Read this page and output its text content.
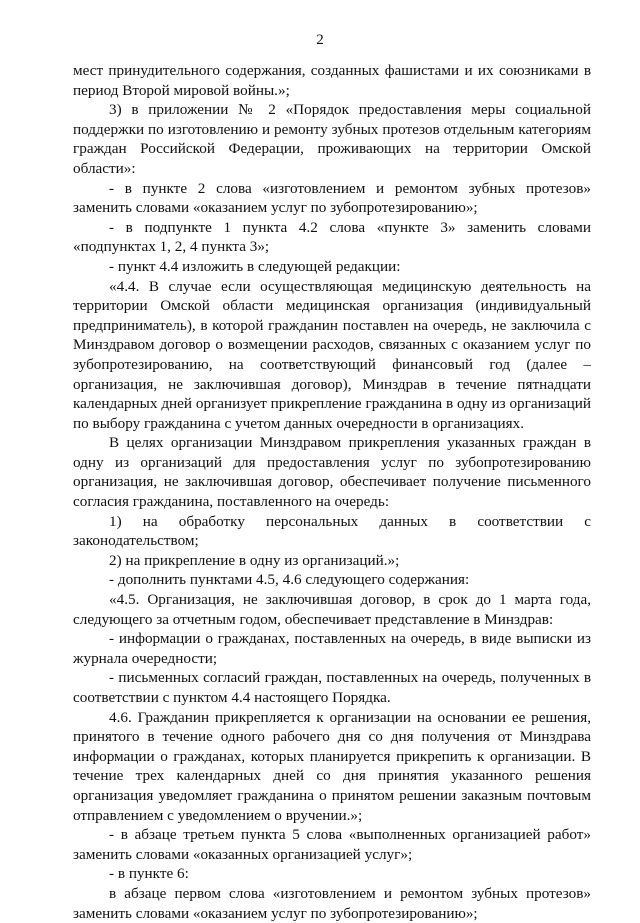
2

мест принудительного содержания, созданных фашистами и их союзниками в период Второй мировой войны.»;

3) в приложении № 2 «Порядок предоставления меры социальной поддержки по изготовлению и ремонту зубных протезов отдельным категориям граждан Российской Федерации, проживающих на территории Омской области»:

- в пункте 2 слова «изготовлением и ремонтом зубных протезов» заменить словами «оказанием услуг по зубопротезированию»;

- в подпункте 1 пункта 4.2 слова «пункте 3» заменить словами «подпунктах 1, 2, 4 пункта 3»;

- пункт 4.4 изложить в следующей редакции:

«4.4. В случае если осуществляющая медицинскую деятельность на территории Омской области медицинская организация (индивидуальный предприниматель), в которой гражданин поставлен на очередь, не заключила с Минздравом договор о возмещении расходов, связанных с оказанием услуг по зубопротезированию, на соответствующий финансовый год (далее – организация, не заключившая договор), Минздрав в течение пятнадцати календарных дней организует прикрепление гражданина в одну из организаций по выбору гражданина с учетом данных очередности в организациях.

В целях организации Минздравом прикрепления указанных граждан в одну из организаций для предоставления услуг по зубопротезированию организация, не заключившая договор, обеспечивает получение письменного согласия гражданина, поставленного на очередь:

1) на обработку персональных данных в соответствии с законодательством;

2) на прикрепление в одну из организаций.»;

- дополнить пунктами 4.5, 4.6 следующего содержания:

«4.5. Организация, не заключившая договор, в срок до 1 марта года, следующего за отчетным годом, обеспечивает представление в Минздрав:

- информации о гражданах, поставленных на очередь, в виде выписки из журнала очередности;

- письменных согласий граждан, поставленных на очередь, полученных в соответствии с пунктом 4.4 настоящего Порядка.

4.6. Гражданин прикрепляется к организации на основании ее решения, принятого в течение одного рабочего дня со дня получения от Минздрава информации о гражданах, которых планируется прикрепить к организации. В течение трех календарных дней со дня принятия указанного решения организация уведомляет гражданина о принятом решении заказным почтовым отправлением с уведомлением о вручении.»;

- в абзаце третьем пункта 5 слова «выполненных организацией работ» заменить словами «оказанных организацией услуг»;

- в пункте 6:

в абзаце первом слова «изготовлением и ремонтом зубных протезов» заменить словами «оказанием услуг по зубопротезированию»;
